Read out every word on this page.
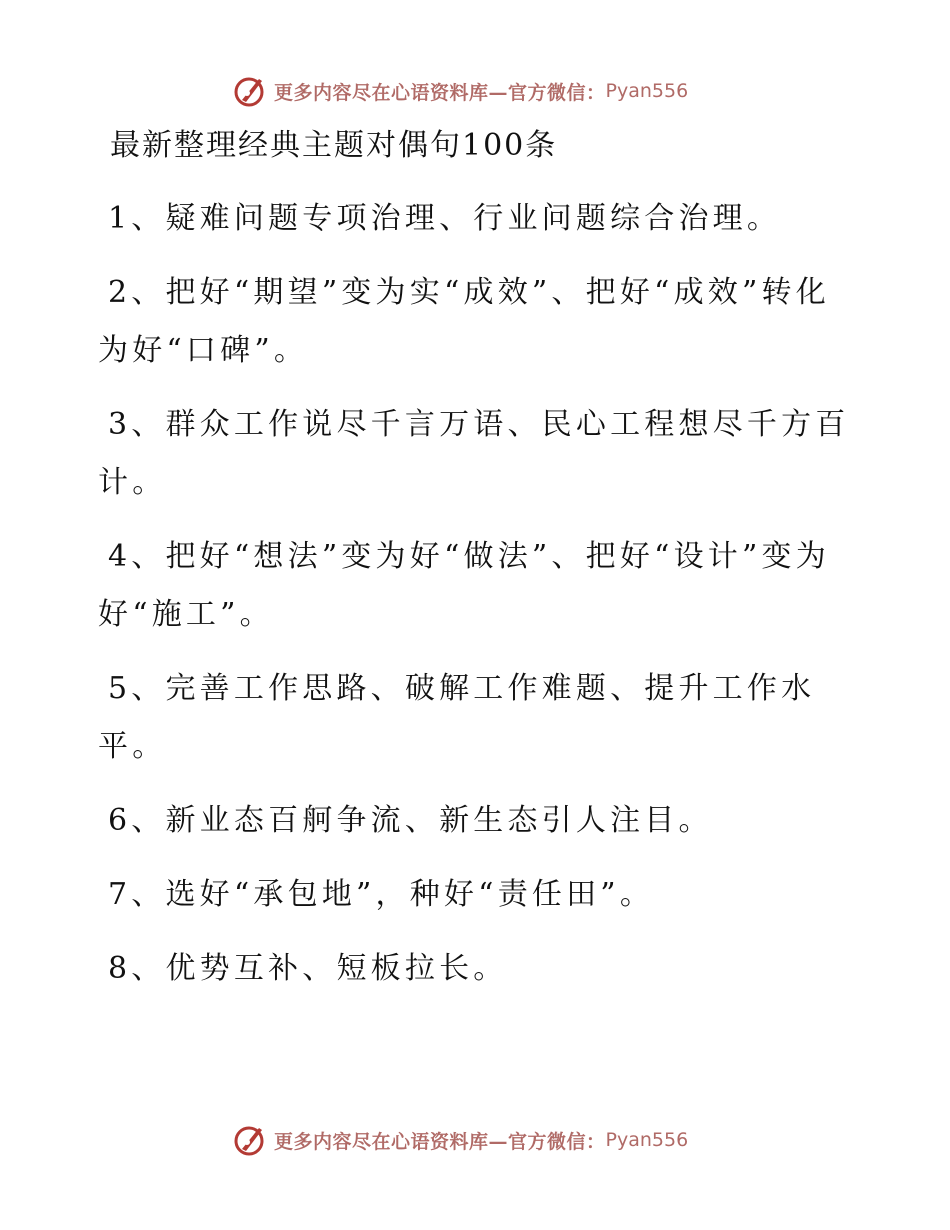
更多内容尽在心语资料库—官方微信： Pyan556
最新整理经典主题对偶句100条
1、疑难问题专项治理、行业问题综合治理。
2、把好“期望”变为实“成效”、把好“成效”转化为好“口碑”。
3、群众工作说尽千言万语、民心工程想尽千方百计。
4、把好“想法”变为好“做法”、把好“设计”变为好“施工”。
5、完善工作思路、破解工作难题、提升工作水平。
6、新业态百舸争流、新生态引人注目。
7、选好“承包地”，种好“责任田”。
8、优势互补、短板拉长。
更多内容尽在心语资料库—官方微信： Pyan556
